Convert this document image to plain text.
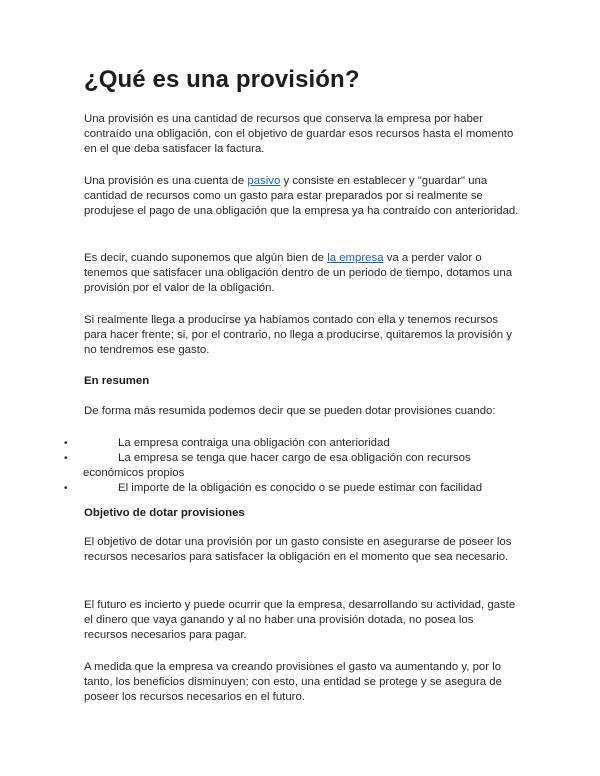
¿Qué es una provisión?

Una provisión es una cantidad de recursos que conserva la empresa por haber contraído una obligación, con el objetivo de guardar esos recursos hasta el momento en el que deba satisfacer la factura.

Una provisión es una cuenta de pasivo y consiste en establecer y "guardar" una cantidad de recursos como un gasto para estar preparados por si realmente se produjese el pago de una obligación que la empresa ya ha contraído con anterioridad.

Es decir, cuando suponemos que algún bien de la empresa va a perder valor o tenemos que satisfacer una obligación dentro de un periodo de tiempo, dotamos una provisión por el valor de la obligación.

Si realmente llega a producirse ya habíamos contado con ella y tenemos recursos para hacer frente; si, por el contrario, no llega a producirse, quitaremos la provisión y no tendremos ese gasto.

En resumen

De forma más resumida podemos decir que se pueden dotar provisiones cuando:

•	La empresa contraiga una obligación con anterioridad
•	La empresa se tenga que hacer cargo de esa obligación con recursos
económicos propios
•	El importe de la obligación es conocido o se puede estimar con facilidad

Objetivo de dotar provisiones

El objetivo de dotar una provisión por un gasto consiste en asegurarse de poseer los recursos necesarios para satisfacer la obligación en el momento que sea necesario.

El futuro es incierto y puede ocurrir que la empresa, desarrollando su actividad, gaste el dinero que vaya ganando y al no haber una provisión dotada, no posea los recursos necesarios para pagar.

A medida que la empresa va creando provisiones el gasto va aumentando y, por lo tanto, los beneficios disminuyen; con esto, una entidad se protege y se asegura de poseer los recursos necesarios en el futuro.
